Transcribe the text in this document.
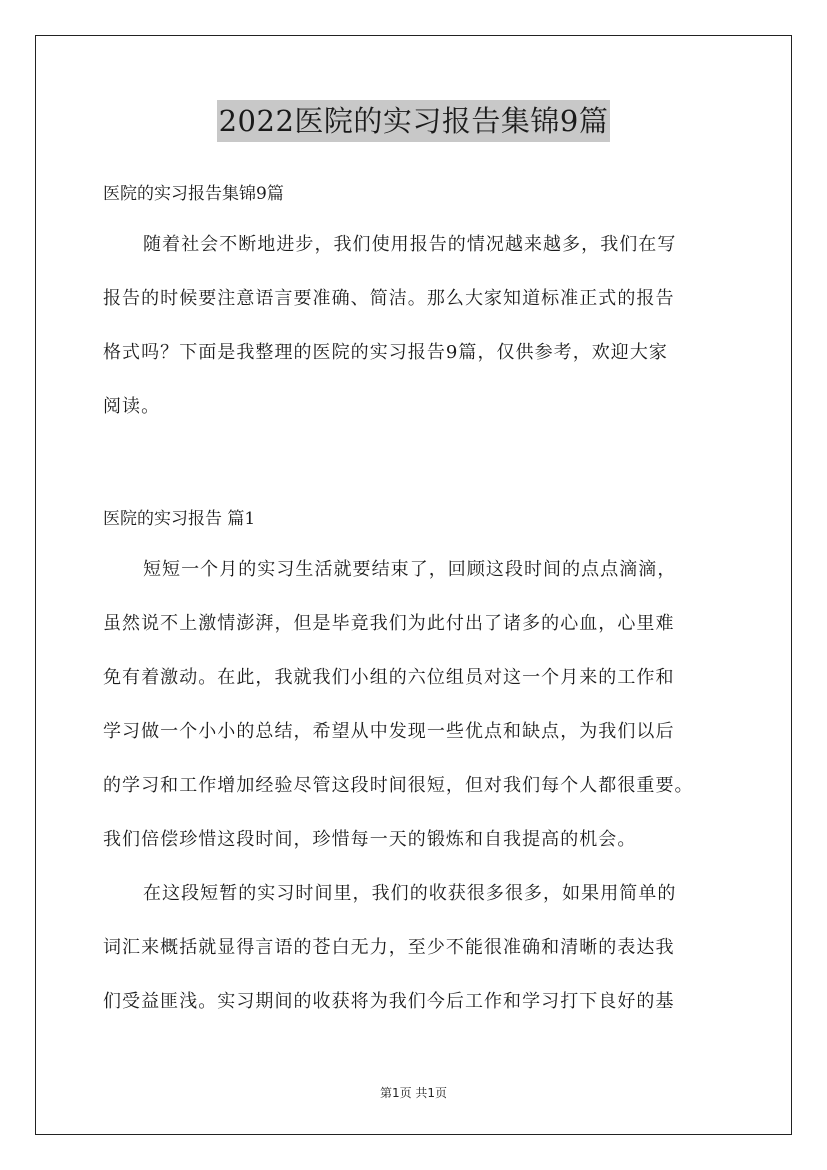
2022医院的实习报告集锦9篇
医院的实习报告集锦9篇

随着社会不断地进步，我们使用报告的情况越来越多，我们在写

报告的时候要注意语言要准确、简洁。那么大家知道标准正式的报告

格式吗？下面是我整理的医院的实习报告9篇，仅供参考，欢迎大家

阅读。

医院的实习报告 篇1

短短一个月的实习生活就要结束了，回顾这段时间的点点滴滴，

虽然说不上激情澎湃，但是毕竟我们为此付出了诸多的心血，心里难

免有着激动。在此，我就我们小组的六位组员对这一个月来的工作和

学习做一个小小的总结，希望从中发现一些优点和缺点，为我们以后

的学习和工作增加经验尽管这段时间很短，但对我们每个人都很重要。

我们倍偿珍惜这段时间，珍惜每一天的锻炼和自我提高的机会。

在这段短暂的实习时间里，我们的收获很多很多，如果用简单的

词汇来概括就显得言语的苍白无力，至少不能很准确和清晰的表达我

们受益匪浅。实习期间的收获将为我们今后工作和学习打下良好的基

第1页 共1页
